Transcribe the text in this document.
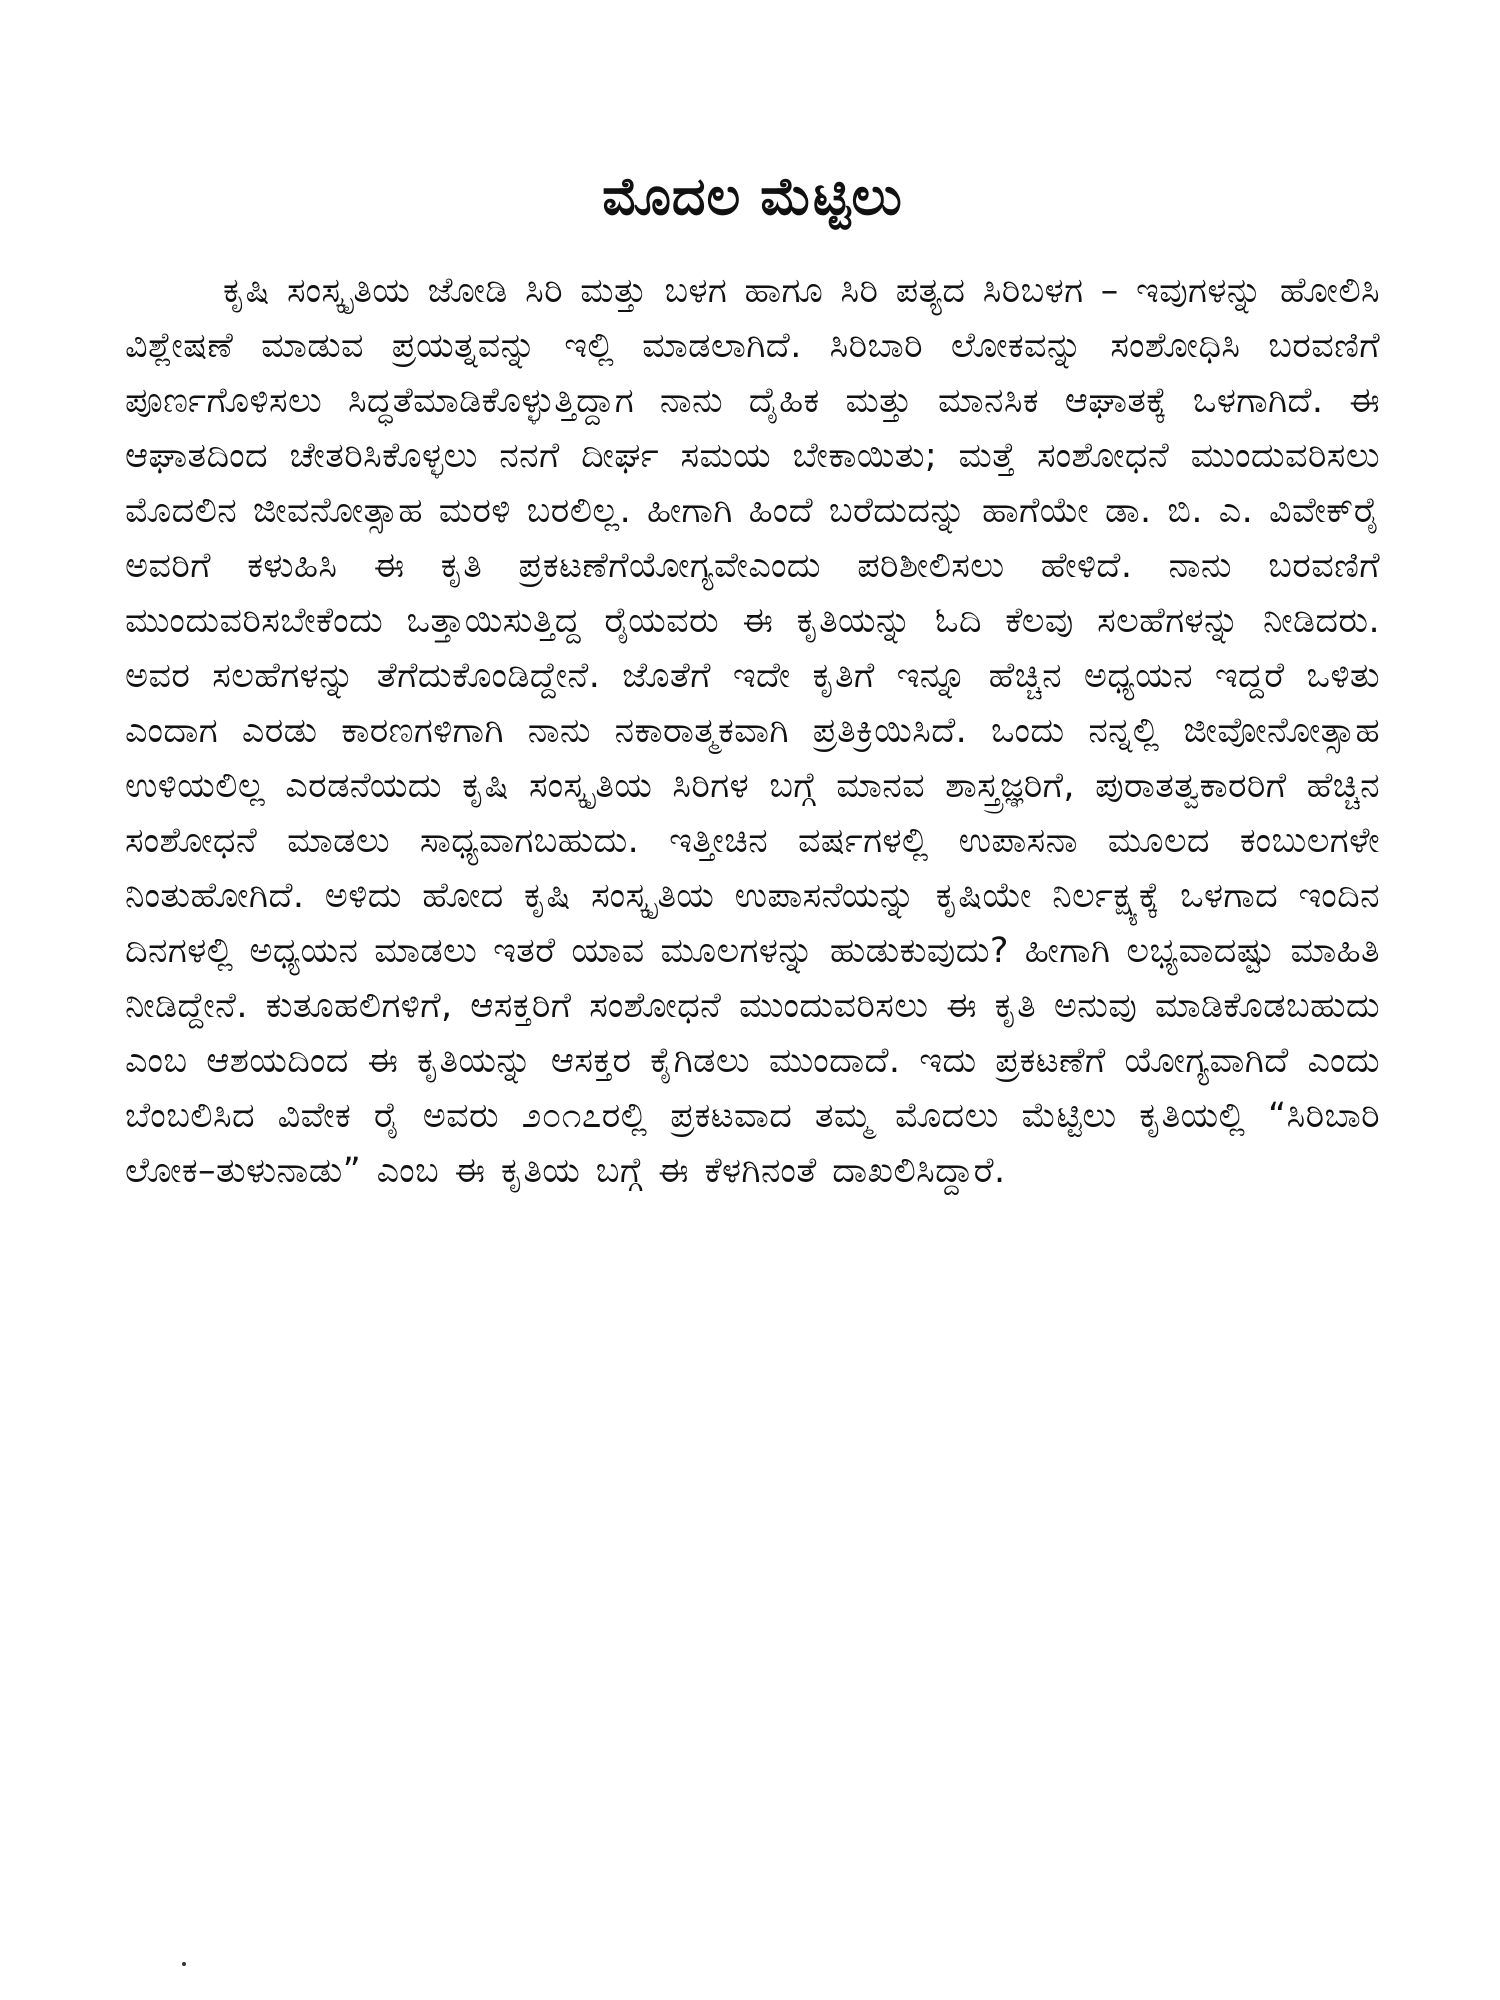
ಮೊದಲ ಮೆಟ್ಟಿಲು

ಕೃಷಿ ಸಂಸ್ಕೃತಿಯ ಜೋಡಿ ಸಿರಿ ಮತ್ತು ಬಳಗ ಹಾಗೂ ಸಿರಿ ಪತ್ಯದ ಸಿರಿಬಳಗ – ಇವುಗಳನ್ನು ಹೋಲಿಸಿ ವಿಶ್ಲೇಷಣೆ ಮಾಡುವ ಪ್ರಯತ್ನವನ್ನು ಇಲ್ಲಿ ಮಾಡಲಾಗಿದೆ. ಸಿರಿಬಾರಿ ಲೋಕವನ್ನು ಸಂಶೋಧಿಸಿ ಬರವಣಿಗೆ ಪೂರ್ಣಗೊಳಿಸಲು ಸಿದ್ಧತೆಮಾಡಿಕೊಳ್ಳುತ್ತಿದ್ದಾಗ ನಾನು ದೈಹಿಕ ಮತ್ತು ಮಾನಸಿಕ ಆಘಾತಕ್ಕೆ ಒಳಗಾಗಿದೆ. ಈ ಆಘಾತದಿಂದ ಚೇತರಿಸಿಕೊಳ್ಳಲು ನನಗೆ ದೀರ್ಘ ಸಮಯ ಬೇಕಾಯಿತು; ಮತ್ತೆ ಸಂಶೋಧನೆ ಮುಂದುವರಿಸಲು ಮೊದಲಿನ ಜೀವನೋತ್ಸಾಹ ಮರಳಿ ಬರಲಿಲ್ಲ. ಹೀಗಾಗಿ ಹಿಂದೆ ಬರೆದುದನ್ನು ಹಾಗೆಯೇ ಡಾ. ಬಿ. ಎ. ವಿವೇಕ್‌ರೈ ಅವರಿಗೆ ಕಳುಹಿಸಿ ಈ ಕೃತಿ ಪ್ರಕಟಣೆಗೆಯೋಗ್ಯವೇಎಂದು ಪರಿಶೀಲಿಸಲು ಹೇಳಿದೆ. ನಾನು ಬರವಣಿಗೆ ಮುಂದುವರಿಸಬೇಕೆಂದು ಒತ್ತಾಯಿಸುತ್ತಿದ್ದ ರೈಯವರು ಈ ಕೃತಿಯನ್ನು ಓದಿ ಕೆಲವು ಸಲಹೆಗಳನ್ನು ನೀಡಿದರು. ಅವರ ಸಲಹೆಗಳನ್ನು ತೆಗೆದುಕೊಂಡಿದ್ದೇನೆ. ಜೊತೆಗೆ ಇದೇ ಕೃತಿಗೆ ಇನ್ನೂ ಹೆಚ್ಚಿನ ಅಧ್ಯಯನ ಇದ್ದರೆ ಒಳಿತು ಎಂದಾಗ ಎರಡು ಕಾರಣಗಳಿಗಾಗಿ ನಾನು ನಕಾರಾತ್ಮಕವಾಗಿ ಪ್ರತಿಕ್ರಿಯಿಸಿದೆ. ಒಂದು ನನ್ನಲ್ಲಿ ಜೀವೋನೋತ್ಸಾಹ ಉಳಿಯಲಿಲ್ಲ ಎರಡನೆಯದು ಕೃಷಿ ಸಂಸ್ಕೃತಿಯ ಸಿರಿಗಳ ಬಗ್ಗೆ ಮಾನವ ಶಾಸ್ತ್ರಜ್ಞರಿಗೆ, ಪುರಾತತ್ವಕಾರರಿಗೆ ಹೆಚ್ಚಿನ ಸಂಶೋಧನೆ ಮಾಡಲು ಸಾಧ್ಯವಾಗಬಹುದು. ಇತ್ತೀಚಿನ ವರ್ಷಗಳಲ್ಲಿ ಉಪಾಸನಾ ಮೂಲದ ಕಂಬುಲಗಳೇ ನಿಂತುಹೋಗಿದೆ. ಅಳಿದು ಹೋದ ಕೃಷಿ ಸಂಸ್ಕೃತಿಯ ಉಪಾಸನೆಯನ್ನು ಕೃಷಿಯೇ ನಿರ್ಲಕ್ಷ್ಯಕ್ಕೆ ಒಳಗಾದ ಇಂದಿನ ದಿನಗಳಲ್ಲಿ ಅಧ್ಯಯನ ಮಾಡಲು ಇತರೆ ಯಾವ ಮೂಲಗಳನ್ನು ಹುಡುಕುವುದು? ಹೀಗಾಗಿ ಲಭ್ಯವಾದಷ್ಟು ಮಾಹಿತಿ ನೀಡಿದ್ದೇನೆ. ಕುತೂಹಲಿಗಳಿಗೆ, ಆಸಕ್ತರಿಗೆ ಸಂಶೋಧನೆ ಮುಂದುವರಿಸಲು ಈ ಕೃತಿ ಅನುವು ಮಾಡಿಕೊಡಬಹುದು ಎಂಬ ಆಶಯದಿಂದ ಈ ಕೃತಿಯನ್ನು ಆಸಕ್ತರ ಕೈಗಿಡಲು ಮುಂದಾದೆ. ಇದು ಪ್ರಕಟಣೆಗೆ ಯೋಗ್ಯವಾಗಿದೆ ಎಂದು ಬೆಂಬಲಿಸಿದ ವಿವೇಕ ರೈ ಅವರು ೨೦೧೭ರಲ್ಲಿ ಪ್ರಕಟವಾದ ತಮ್ಮ ಮೊದಲು ಮೆಟ್ಟಿಲು ಕೃತಿಯಲ್ಲಿ “ಸಿರಿಬಾರಿ ಲೋಕ–ತುಳುನಾಡು” ಎಂಬ ಈ ಕೃತಿಯ ಬಗ್ಗೆ ಈ ಕೆಳಗಿನಂತೆ ದಾಖಲಿಸಿದ್ದಾರೆ.
